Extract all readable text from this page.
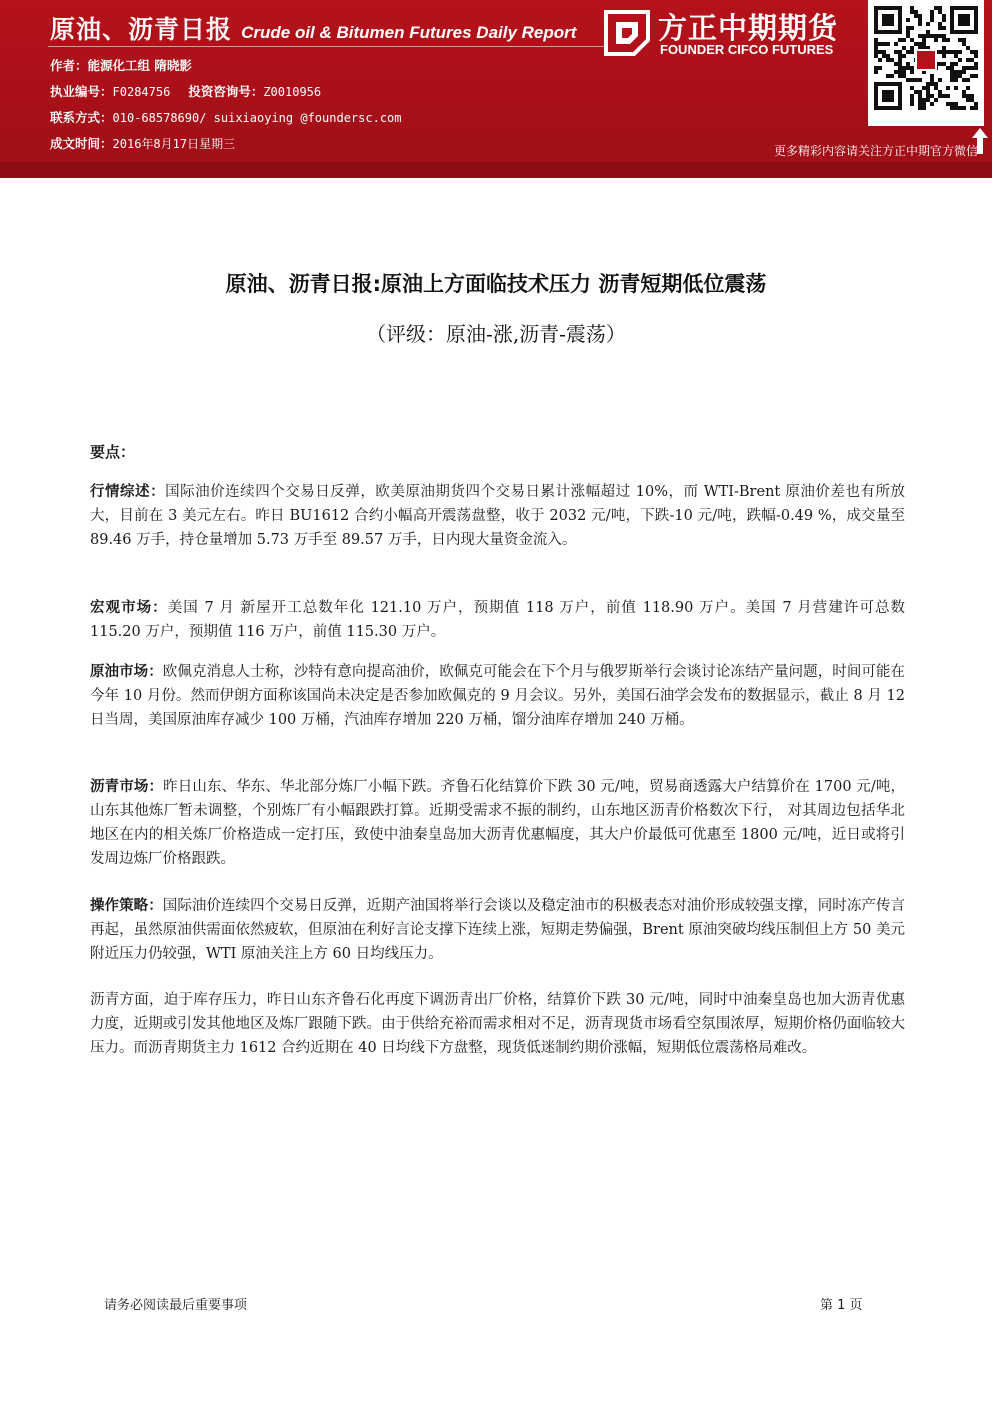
原油、沥青日报 Crude oil & Bitumen Futures Daily Report
作者：能源化工组 隋晓影
执业编号：F0284756 投资咨询号：Z0010956
联系方式：010-68578690/ suixiaoying @foundersc.com
成文时间：2016年8月17日星期三
方正中期期货
FOUNDER CIFCO FUTURES
更多精彩内容请关注方正中期官方微信
原油、沥青日报:原油上方面临技术压力 沥青短期低位震荡
（评级：原油-涨,沥青-震荡）
要点：
行情综述：国际油价连续四个交易日反弹，欧美原油期货四个交易日累计涨幅超过 10%，而 WTI-Brent 原油价差也有所放大，目前在 3 美元左右。昨日 BU1612 合约小幅高开震荡盘整，收于 2032 元/吨，下跌-10 元/吨，跌幅-0.49 %，成交量至 89.46 万手，持仓量增加 5.73 万手至 89.57 万手，日内现大量资金流入。
宏观市场：美国 7 月 新屋开工总数年化 121.10 万户，预期值 118 万户，前值 118.90 万户。美国 7 月营建许可总数 115.20 万户，预期值 116 万户，前值 115.30 万户。
原油市场：欧佩克消息人士称，沙特有意向提高油价，欧佩克可能会在下个月与俄罗斯举行会谈讨论冻结产量问题，时间可能在今年 10 月份。然而伊朗方面称该国尚未决定是否参加欧佩克的 9 月会议。另外，美国石油学会发布的数据显示，截止 8 月 12 日当周，美国原油库存减少 100 万桶，汽油库存增加 220 万桶，馏分油库存增加 240 万桶。
沥青市场：昨日山东、华东、华北部分炼厂小幅下跌。齐鲁石化结算价下跌 30 元/吨，贸易商透露大户结算价在 1700 元/吨，山东其他炼厂暂未调整，个别炼厂有小幅跟跌打算。近期受需求不振的制约，山东地区沥青价格数次下行， 对其周边包括华北地区在内的相关炼厂价格造成一定打压，致使中油秦皇岛加大沥青优惠幅度，其大户价最低可优惠至 1800 元/吨，近日或将引发周边炼厂价格跟跌。
操作策略：国际油价连续四个交易日反弹，近期产油国将举行会谈以及稳定油市的积极表态对油价形成较强支撑，同时冻产传言再起，虽然原油供需面依然疲软，但原油在利好言论支撑下连续上涨，短期走势偏强，Brent 原油突破均线压制但上方 50 美元附近压力仍较强，WTI 原油关注上方 60 日均线压力。
沥青方面，迫于库存压力，昨日山东齐鲁石化再度下调沥青出厂价格，结算价下跌 30 元/吨，同时中油秦皇岛也加大沥青优惠力度，近期或引发其他地区及炼厂跟随下跌。由于供给充裕而需求相对不足，沥青现货市场看空氛围浓厚，短期价格仍面临较大压力。而沥青期货主力 1612 合约近期在 40 日均线下方盘整，现货低迷制约期价涨幅，短期低位震荡格局难改。
请务必阅读最后重要事项	第 1 页
